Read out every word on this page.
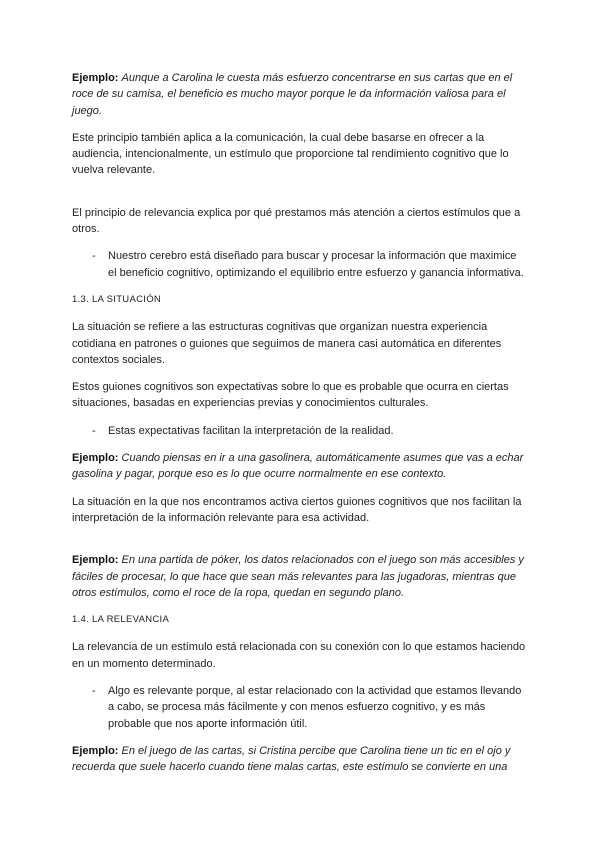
Ejemplo: Aunque a Carolina le cuesta más esfuerzo concentrarse en sus cartas que en el roce de su camisa, el beneficio es mucho mayor porque le da información valiosa para el juego.

Este principio también aplica a la comunicación, la cual debe basarse en ofrecer a la audiencia, intencionalmente, un estímulo que proporcione tal rendimiento cognitivo que lo vuelva relevante.

El principio de relevancia explica por qué prestamos más atención a ciertos estímulos que a otros.

-	Nuestro cerebro está diseñado para buscar y procesar la información que maximice el beneficio cognitivo, optimizando el equilibrio entre esfuerzo y ganancia informativa.

1.3. LA SITUACIÓN

La situación se refiere a las estructuras cognitivas que organizan nuestra experiencia cotidiana en patrones o guiones que seguimos de manera casi automática en diferentes contextos sociales.

Estos guiones cognitivos son expectativas sobre lo que es probable que ocurra en ciertas situaciones, basadas en experiencias previas y conocimientos culturales.

-	Estas expectativas facilitan la interpretación de la realidad.

Ejemplo: Cuando piensas en ir a una gasolinera, automáticamente asumes que vas a echar gasolina y pagar, porque eso es lo que ocurre normalmente en ese contexto.

La situación en la que nos encontramos activa ciertos guiones cognitivos que nos facilitan la interpretación de la información relevante para esa actividad.

Ejemplo: En una partida de póker, los datos relacionados con el juego son más accesibles y fáciles de procesar, lo que hace que sean más relevantes para las jugadoras, mientras que otros estímulos, como el roce de la ropa, quedan en segundo plano.

1.4. LA RELEVANCIA

La relevancia de un estímulo está relacionada con su conexión con lo que estamos haciendo en un momento determinado.

-	Algo es relevante porque, al estar relacionado con la actividad que estamos llevando a cabo, se procesa más fácilmente y con menos esfuerzo cognitivo, y es más probable que nos aporte información útil.

Ejemplo: En el juego de las cartas, si Cristina percibe que Carolina tiene un tic en el ojo y recuerda que suele hacerlo cuando tiene malas cartas, este estímulo se convierte en una
